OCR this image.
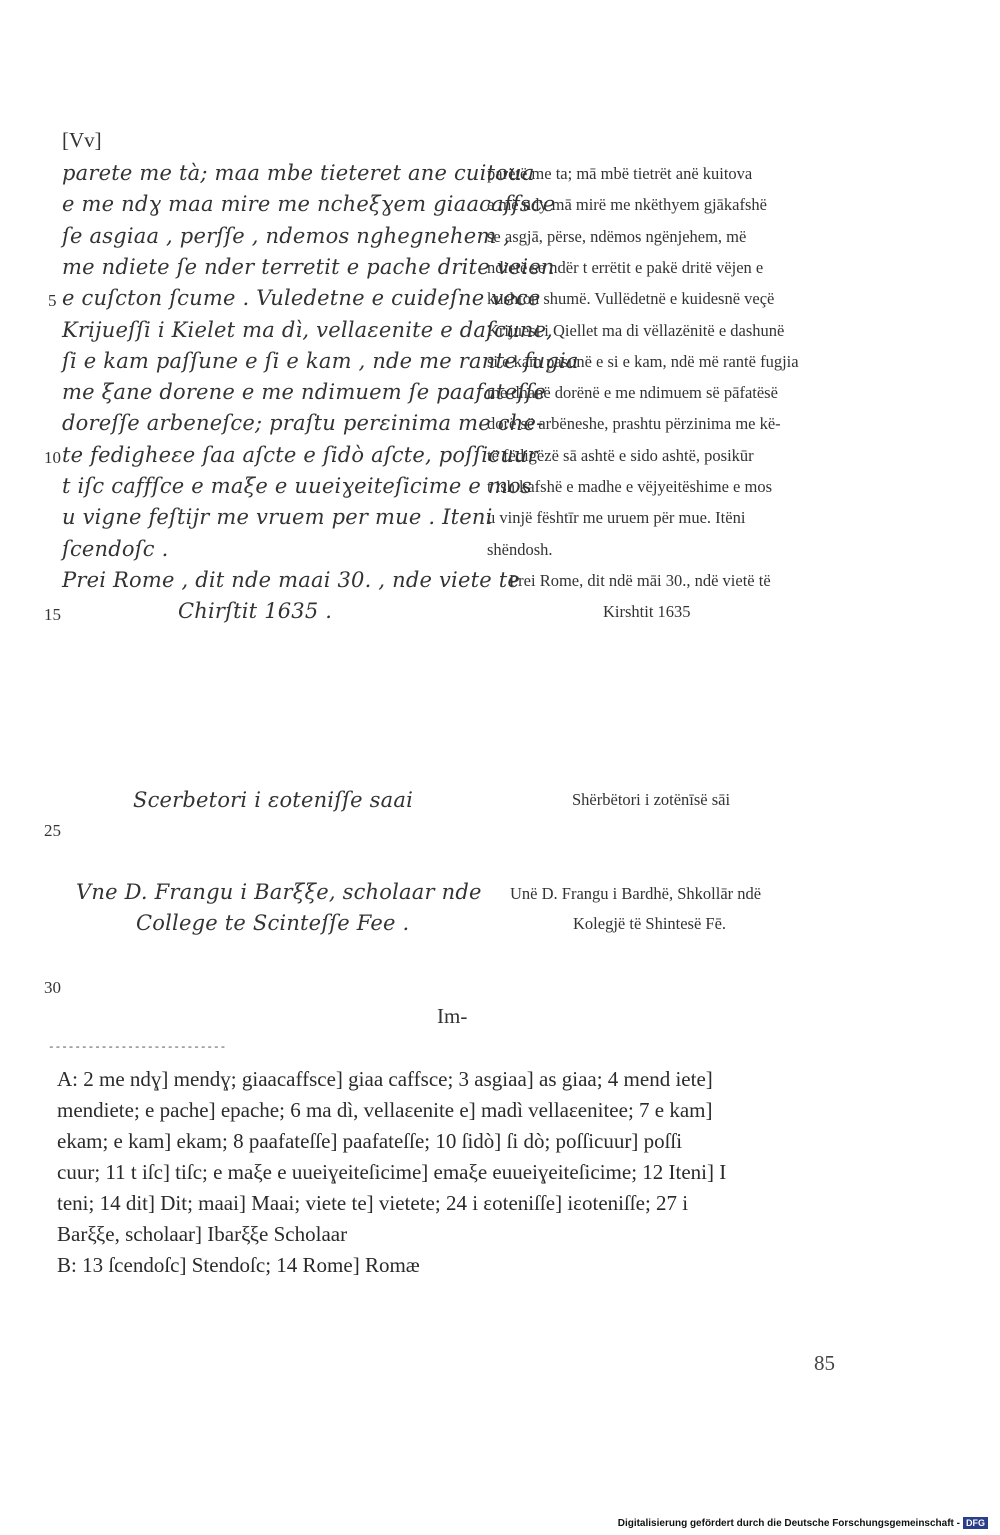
[Vv]
parete me tà; maa mbe tieteret ane cuitoua
e me ndɣ maa mire me ncheξɣem giaacaffsce
ſe asgiaa , perſſe , ndemos nghegnehem ,
me ndiete ſe nder terretit e pache drite veien
e cuſcton ſcume . Vuledetne e cuideſne vece
Krijueſſi i Kielet ma dì, vellaεenite e daſcune,
ſi e kam paſſune e ſi e kam , nde me rante fugia
me ξane dorene e me ndimuem ſe paafateſſe
doreſſe arbeneſce; praſtu perεinima me che-
te fedigheεe ſaa aſcte e ſidò aſcte, poſſicuur
t iſc caffſce e maξe e uueiɣeitеſicime e mos
u vigne feſtijr me vruem per mue . Iteni
ſcendoſc .
Prei Rome , dit nde maai 30. , nde viete te
Chirſtit 1635 .
5
10
15
25
30
parëtë me ta; mā mbë tietrët anë kuitova
e më ndy mā mirë me nkëthyem gjākafshë
se asgjā, përse, ndëmos ngënjehem, më
ndietë se ndër t errëtit e pakë dritë vëjen e
kushton shumë. Vullëdetnë e kuidesnë veçë
Krijuesi i Qiellet ma di vëllazënitë e dashunë
si e kam pasunë e si e kam, ndë më rantë fugjia
me dhanë dorënë e me ndimuem së pāfatësë
dorë së arbëneshe, prashtu përzinima me kë-
të fëdigëzë sā ashtë e sido ashtë, posikūr
t ish kafshë e madhe e vëjyeitëshime e mos
u vinjë fështīr me uruem për mue. Itëni
shëndosh.
Prei Rome, dit ndë māi 30., ndë vietë të
Kirshtit 1635
Scerbetori i εoteniſſe saai	Shërbëtori i zotënīsë sāi
Vne D. Frangu i Barξξe, scholaar nde
College te Scinteſſe Fee .
Unë D. Frangu i Bardhë, Shkollār ndë
Kolegjë të Shintesë Fē.
Im-
---------------------------
A: 2 me ndɣ] mendɣ; giaacaffsce] giaa caffsce; 3 asgiaa] as giaa; 4 mend iete]
mendiete; e pache] epache; 6 ma dì, vellaεenite e] madì vellaεeniteе; 7 e kam]
ekam; e kam] ekam; 8 paafateſſe] paafateſſe; 10 ſidò] ſi dò; poſſicuur] poſſi
cuur; 11 t iſc] tiſc; e maξe e uueiɣeiteſicime] emaξe euueiɣeiteſicime; 12 Iteni] I
teni; 14 dit] Dit; maai] Maai; viete te] vietete; 24 i εoteniſſe] iεoteniſſe; 27 i
Barξξe, scholaar] Ibarξξe Scholaar
B: 13 ſcendoſc] Stendoſc; 14 Rome] Romæ
85
Digitalisierung gefördert durch die Deutsche Forschungsgemeinschaft - DFG
